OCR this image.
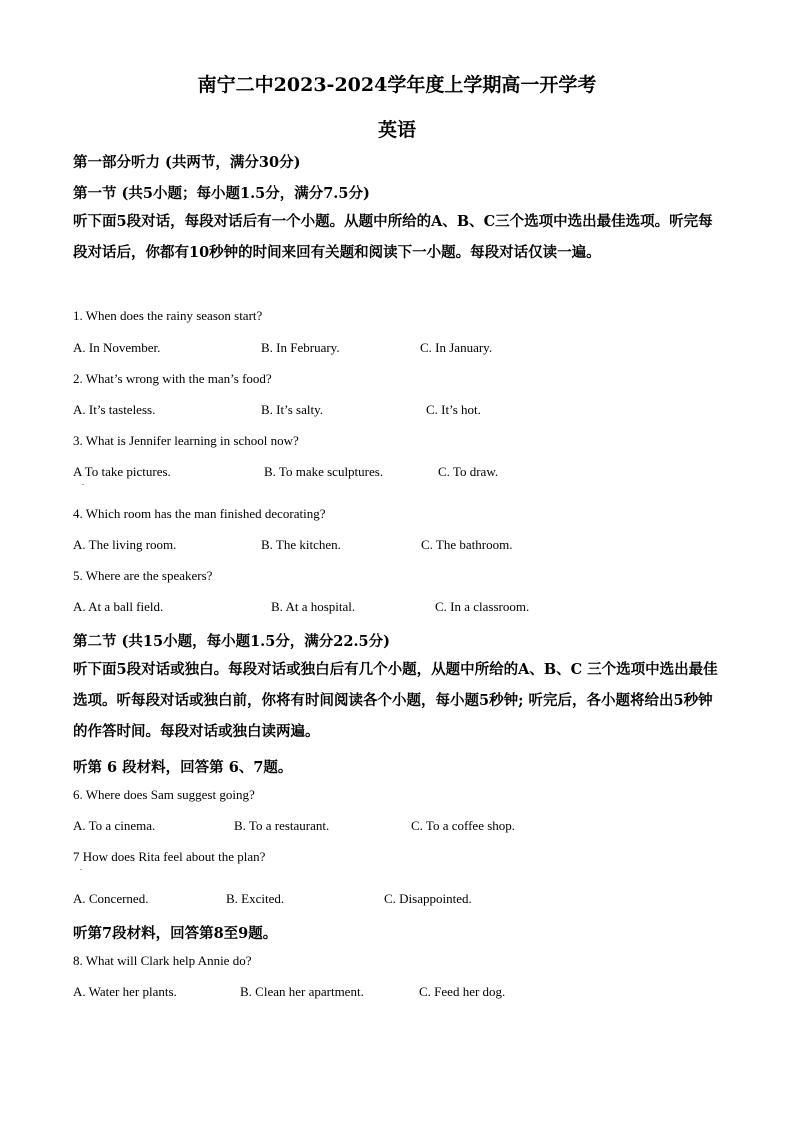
南宁二中2023-2024学年度上学期高一开学考
英语
第一部分听力 (共两节，满分30分)
第一节 (共5小题；每小题1.5分，满分7.5分)
听下面5段对话，每段对话后有一个小题。从题中所给的A、B、C三个选项中选出最佳选项。听完每段对话后，你都有10秒钟的时间来回有关题和阅读下一小题。每段对话仅读一遍。
1. When does the rainy season start?
A. In November.	B. In February.	C. In January.
2. What’s wrong with the man’s food?
A. It’s tasteless.	B. It’s salty.	C. It’s hot.
3. What is Jennifer learning in school now?
A To take pictures.	B. To make sculptures.	C. To draw.
.
4. Which room has the man finished decorating?
A. The living room.	B. The kitchen.	C. The bathroom.
5. Where are the speakers?
A. At a ball field.	B. At a hospital.	C. In a classroom.
第二节 (共15小题，每小题1.5分，满分22.5分)
听下面5段对话或独白。每段对话或独白后有几个小题，从题中所给的A、B、C 三个选项中选出最佳选项。听每段对话或独白前，你将有时间阅读各个小题，每小题5秒钟; 听完后，各小题将给出5秒钟的作答时间。每段对话或独白读两遍。
听第 6 段材料，回答第 6、7题。
6. Where does Sam suggest going?
A. To a cinema.	B. To a restaurant.	C. To a coffee shop.
7 How does Rita feel about the plan?
.
A. Concerned.	B. Excited.	C. Disappointed.
听第7段材料，回答第8至9题。
8. What will Clark help Annie do?
A. Water her plants.	B. Clean her apartment.	C. Feed her dog.
